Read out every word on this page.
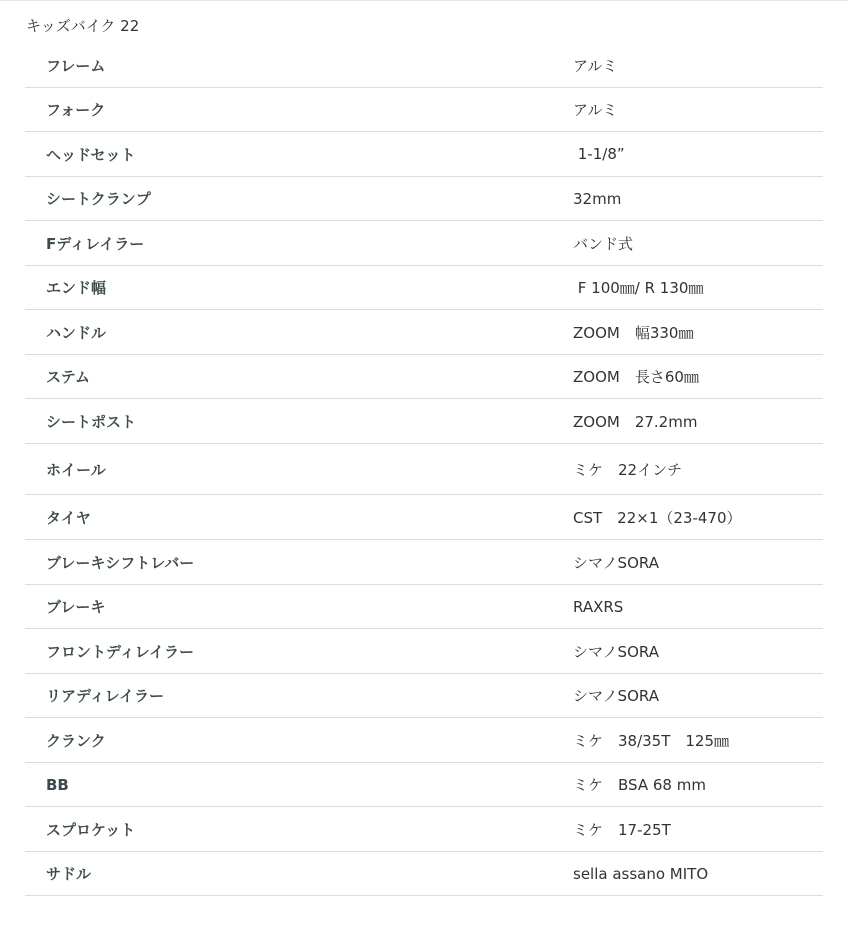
キッズバイク 22
フレーム	アルミ
フォーク	アルミ
ヘッドセット	1-1/8”
シートクランプ	32mm
Fディレイラー	バンド式
エンド幅	F 100㎜/ R 130㎜
ハンドル	ZOOM　幅330㎜
ステム	ZOOM　長さ60㎜
シートポスト	ZOOM　27.2mm
ホイール	ミケ　22インチ
タイヤ	CST　22×1（23-470）
ブレーキシフトレバー	シマノSORA
ブレーキ	RAXRS
フロントディレイラー	シマノSORA
リアディレイラー	シマノSORA
クランク	ミケ　38/35T　125㎜
BB	ミケ　BSA 68 mm
スプロケット	ミケ　17-25T
サドル	sella assano MITO
